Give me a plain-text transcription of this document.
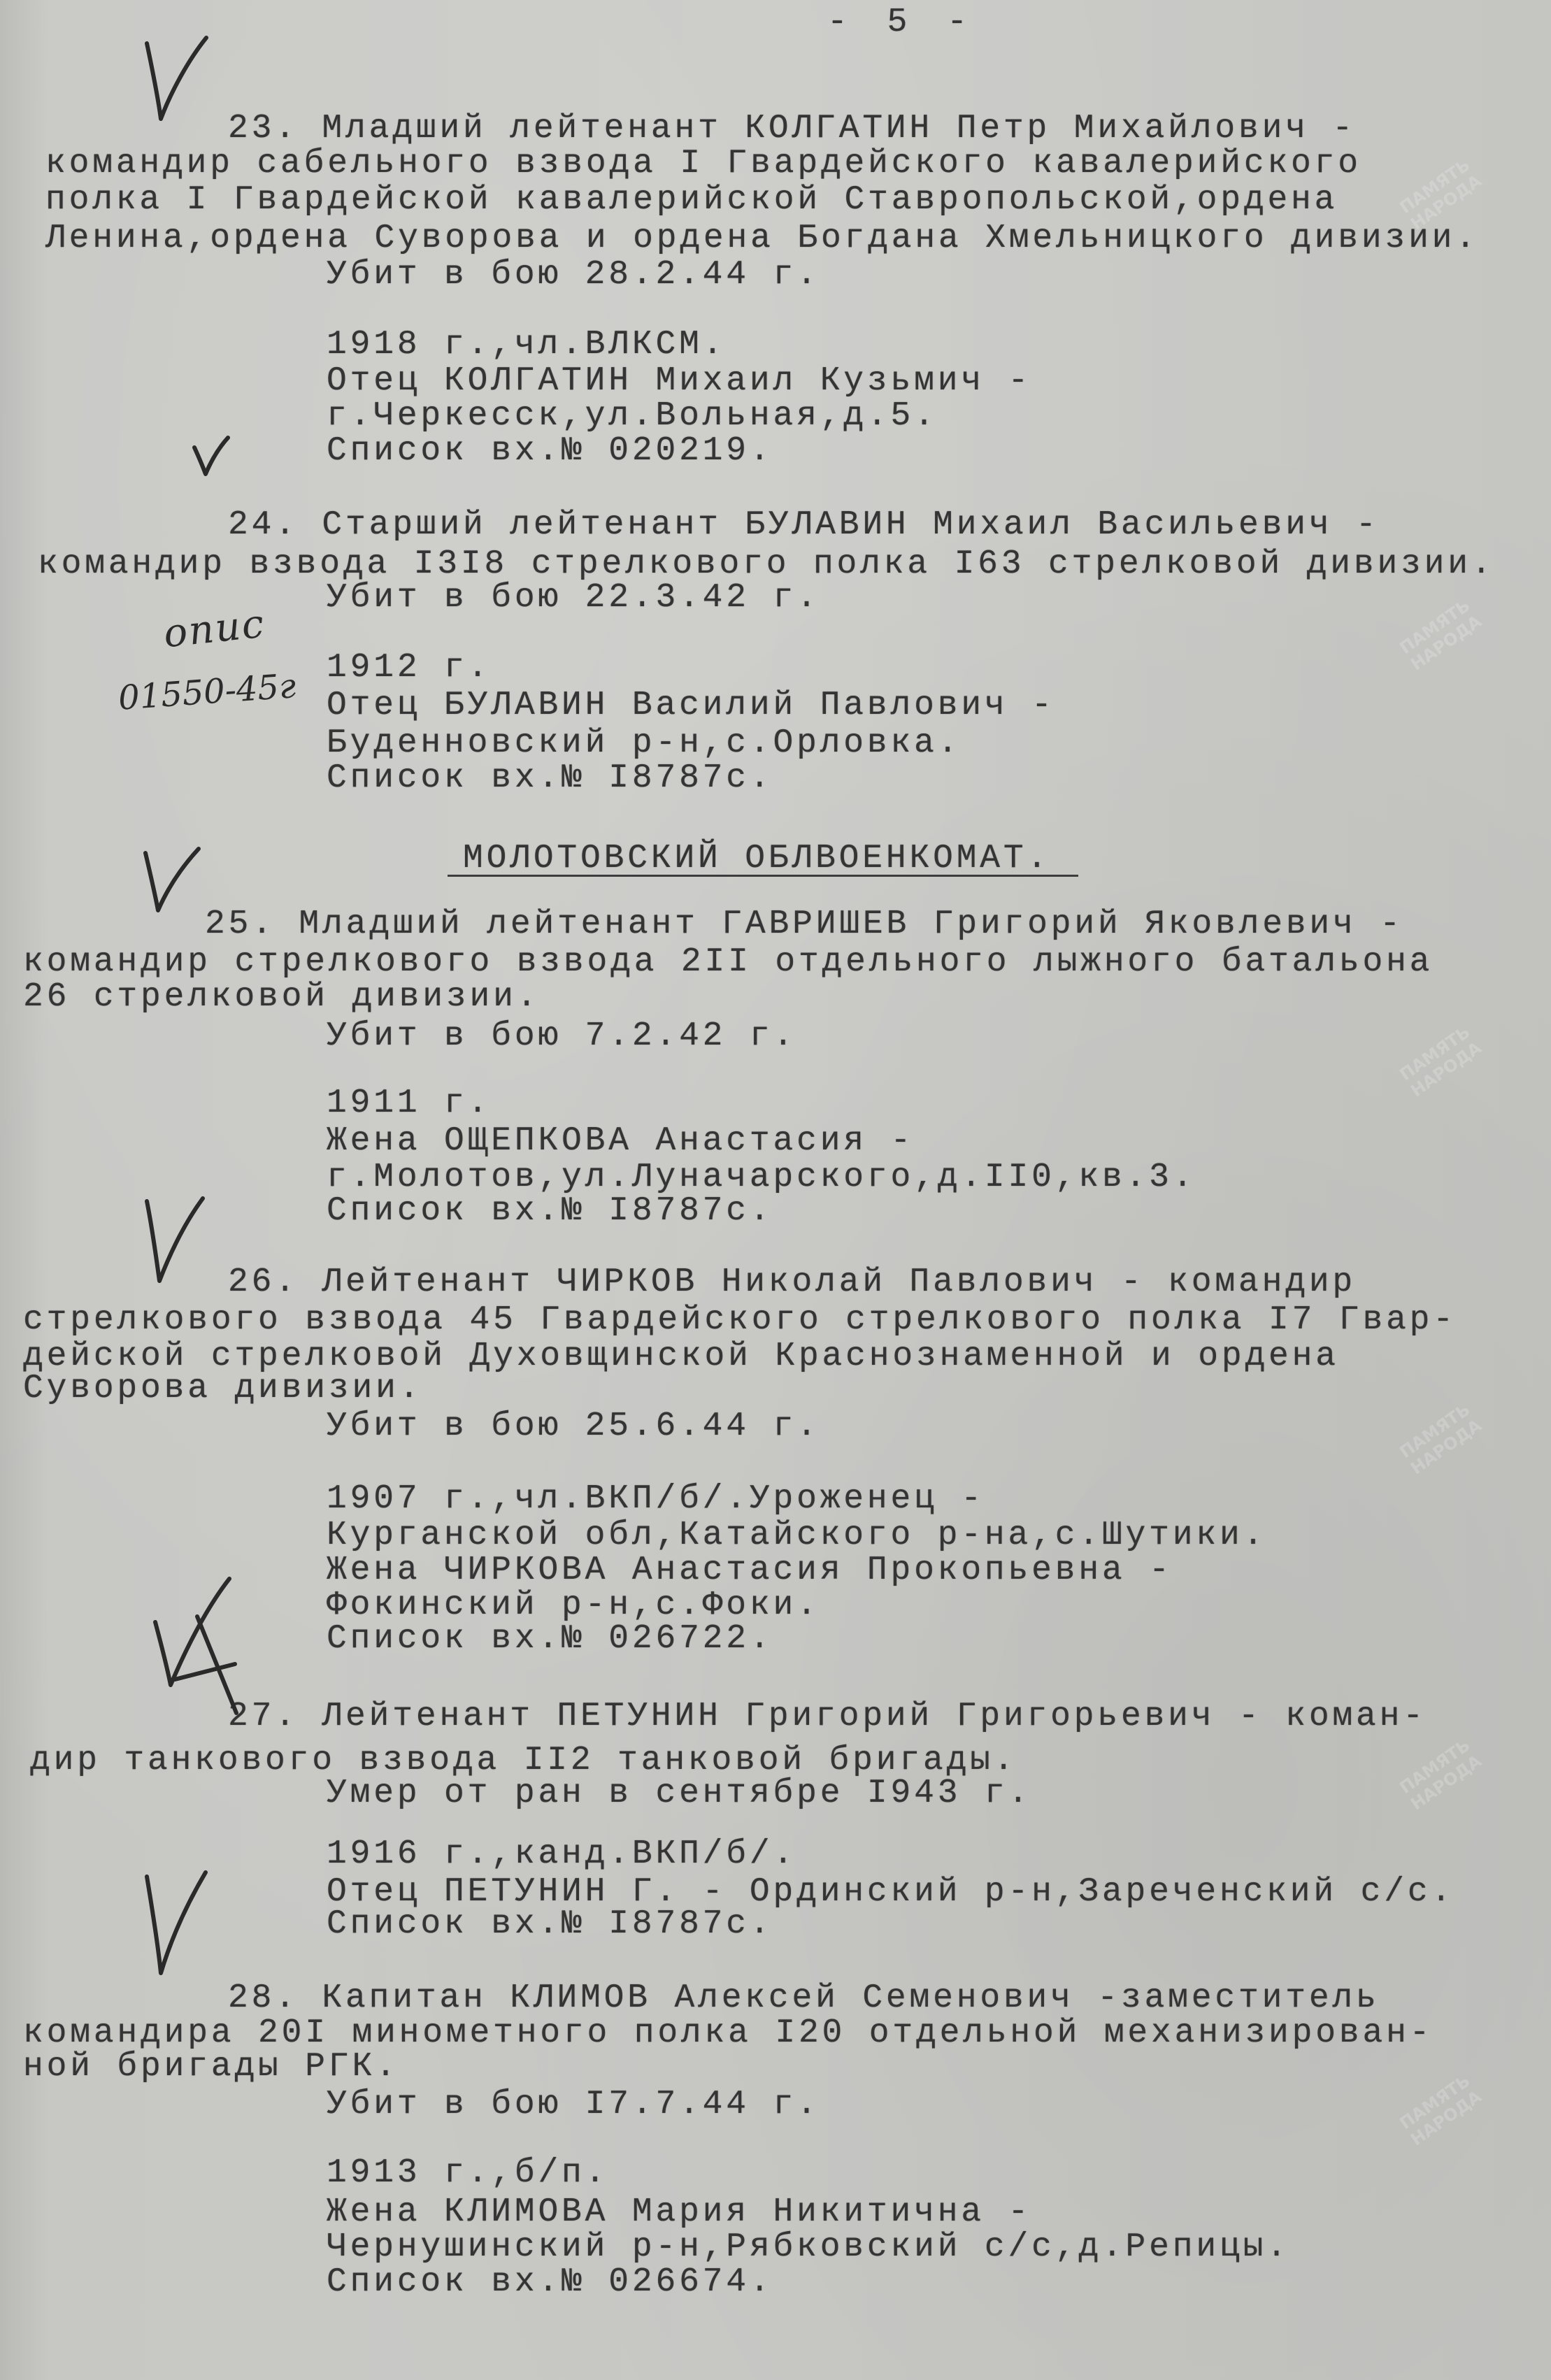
- 5 -
ПАМЯТЬ НАРОДА
ПАМЯТЬ НАРОДА
ПАМЯТЬ НАРОДА
ПАМЯТЬ НАРОДА
ПАМЯТЬ НАРОДА
ПАМЯТЬ НАРОДА
23. Младший лейтенант КОЛГАТИН Петр Михайлович -
командир сабельного взвода I Гвардейского кавалерийского
полка I Гвардейской кавалерийской Ставропольской,ордена
Ленина,ордена Суворова и ордена Богдана Хмельницкого дивизии.
Убит в бою 28.2.44 г.
1918 г.,чл.ВЛКСМ.
Отец КОЛГАТИН Михаил Кузьмич -
г.Черкесск,ул.Вольная,д.5.
Список вх.№ 020219.
24. Старший лейтенант БУЛАВИН Михаил Васильевич -
командир взвода I3I8 стрелкового полка I63 стрелковой дивизии.
Убит в бою 22.3.42 г.
1912 г.
Отец БУЛАВИН Василий Павлович -
Буденновский р-н,с.Орловка.
Список вх.№ I8787с.
МОЛОТОВСКИЙ ОБЛВОЕНКОМАТ.
25. Младший лейтенант ГАВРИШЕВ Григорий Яковлевич -
командир стрелкового взвода 2II отдельного лыжного батальона
26 стрелковой дивизии.
Убит в бою 7.2.42 г.
1911 г.
Жена ОЩЕПКОВА Анастасия -
г.Молотов,ул.Луначарского,д.II0,кв.3.
Список вх.№ I8787с.
26. Лейтенант ЧИРКОВ Николай Павлович - командир
стрелкового взвода 45 Гвардейского стрелкового полка I7 Гвар-
дейской стрелковой Духовщинской Краснознаменной и ордена
Суворова дивизии.
Убит в бою 25.6.44 г.
1907 г.,чл.ВКП/б/.Уроженец -
Курганской обл,Катайского р-на,с.Шутики.
Жена ЧИРКОВА Анастасия Прокопьевна -
Фокинский р-н,с.Фоки.
Список вх.№ 026722.
27. Лейтенант ПЕТУНИН Григорий Григорьевич - коман-
дир танкового взвода II2 танковой бригады.
Умер от ран в сентябре I943 г.
1916 г.,канд.ВКП/б/.
Отец ПЕТУНИН Г. - Ординский р-н,Зареченский с/с.
Список вх.№ I8787с.
28. Капитан КЛИМОВ Алексей Семенович -заместитель
командира 20I минометного полка I20 отдельной механизирован-
ной бригады РГК.
Убит в бою I7.7.44 г.
1913 г.,б/п.
Жена КЛИМОВА Мария Никитична -
Чернушинский р-н,Рябковский с/с,д.Репицы.
Список вх.№ 026674.
опис
01550-45г
